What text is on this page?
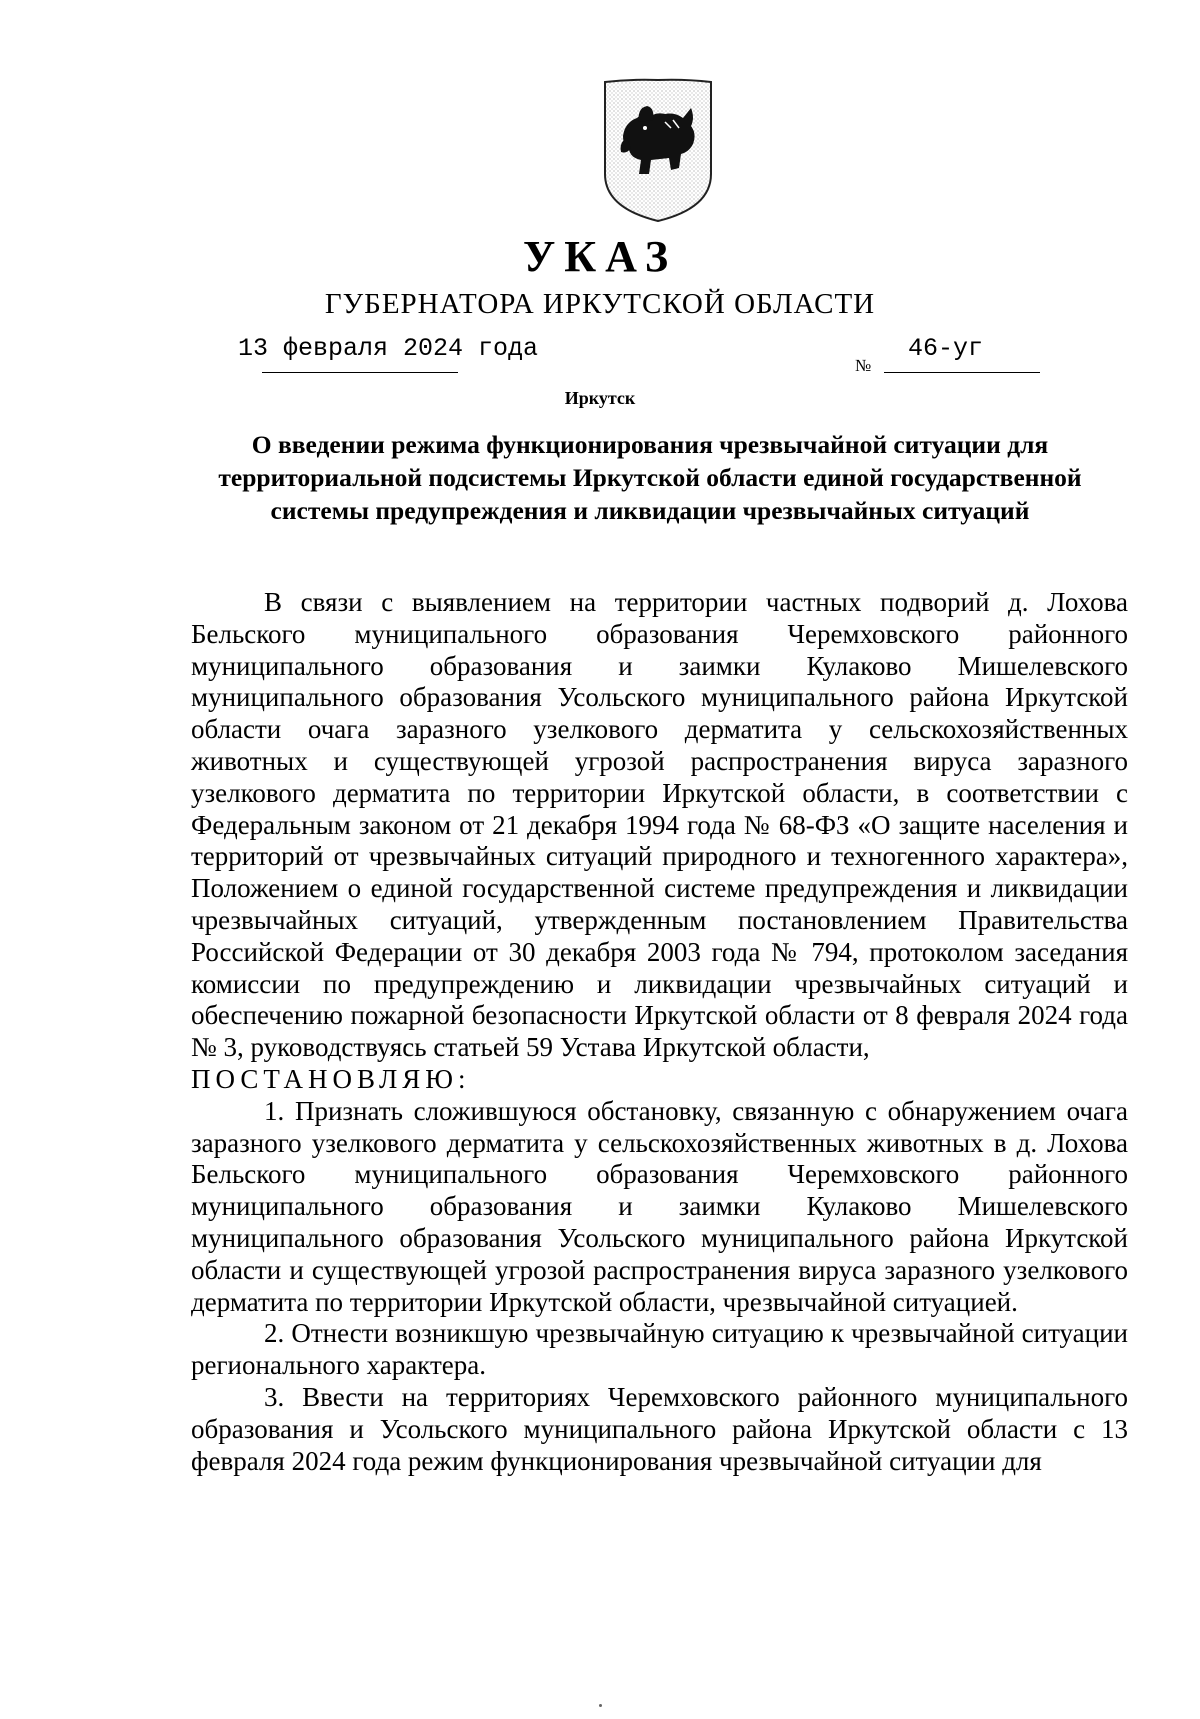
УКАЗ
ГУБЕРНАТОРА ИРКУТСКОЙ ОБЛАСТИ
13 февраля 2024 года
№
46-уг
Иркутск
О введении режима функционирования чрезвычайной ситуации для территориальной подсистемы Иркутской области единой государственной системы предупреждения и ликвидации чрезвычайных ситуаций

В связи с выявлением на территории частных подворий д. Лохова Бельского муниципального образования Черемховского районного муниципального образования и заимки Кулаково Мишелевского муниципального образования Усольского муниципального района Иркутской области очага заразного узелкового дерматита у сельскохозяйственных животных и существующей угрозой распространения вируса заразного узелкового дерматита по территории Иркутской области, в соответствии с Федеральным законом от 21 декабря 1994 года № 68-ФЗ «О защите населения и территорий от чрезвычайных ситуаций природного и техногенного характера», Положением о единой государственной системе предупреждения и ликвидации чрезвычайных ситуаций, утвержденным постановлением Правительства Российской Федерации от 30 декабря 2003 года № 794, протоколом заседания комиссии по предупреждению и ликвидации чрезвычайных ситуаций и обеспечению пожарной безопасности Иркутской области от 8 февраля 2024 года № 3, руководствуясь статьей 59 Устава Иркутской области,

ПОСТАНОВЛЯЮ:

1. Признать сложившуюся обстановку, связанную с обнаружением очага заразного узелкового дерматита у сельскохозяйственных животных в д. Лохова Бельского муниципального образования Черемховского районного муниципального образования и заимки Кулаково Мишелевского муниципального образования Усольского муниципального района Иркутской области и существующей угрозой распространения вируса заразного узелкового дерматита по территории Иркутской области, чрезвычайной ситуацией.

2. Отнести возникшую чрезвычайную ситуацию к чрезвычайной ситуации регионального характера.

3. Ввести на территориях Черемховского районного муниципального образования и Усольского муниципального района Иркутской области с 13 февраля 2024 года режим функционирования чрезвычайной ситуации для
